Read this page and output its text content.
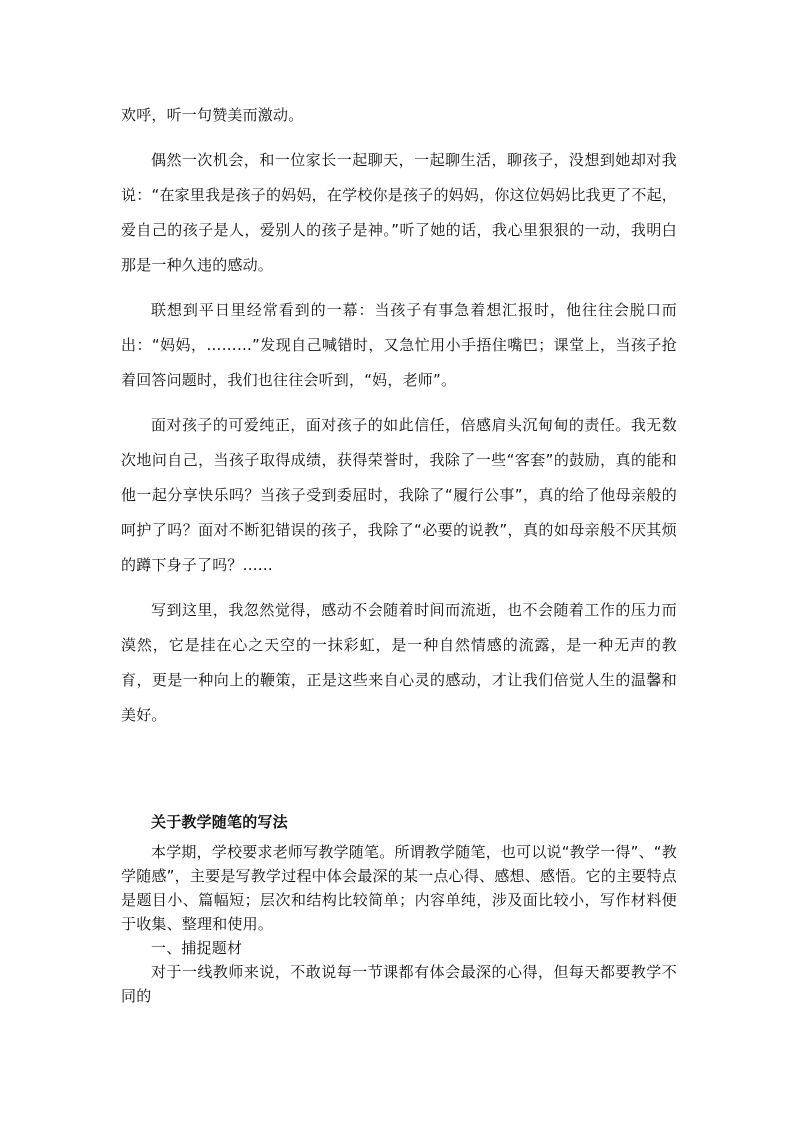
欢呼，听一句赞美而激动。

偶然一次机会，和一位家长一起聊天，一起聊生活，聊孩子，没想到她却对我说：“在家里我是孩子的妈妈，在学校你是孩子的妈妈，你这位妈妈比我更了不起，爱自己的孩子是人，爱别人的孩子是神。”听了她的话，我心里狠狠的一动，我明白那是一种久违的感动。

联想到平日里经常看到的一幕：当孩子有事急着想汇报时，他往往会脱口而出：“妈妈，………”发现自己喊错时，又急忙用小手捂住嘴巴；课堂上，当孩子抢着回答问题时，我们也往往会听到，“妈，老师”。

面对孩子的可爱纯正，面对孩子的如此信任，倍感肩头沉甸甸的责任。我无数次地问自己，当孩子取得成绩，获得荣誉时，我除了一些“客套”的鼓励，真的能和他一起分享快乐吗？当孩子受到委屈时，我除了“履行公事”，真的给了他母亲般的呵护了吗？面对不断犯错误的孩子，我除了“必要的说教”，真的如母亲般不厌其烦的蹲下身子了吗？……

写到这里，我忽然觉得，感动不会随着时间而流逝，也不会随着工作的压力而漠然，它是挂在心之天空的一抹彩虹，是一种自然情感的流露，是一种无声的教育，更是一种向上的鞭策，正是这些来自心灵的感动，才让我们倍觉人生的温馨和美好。

关于教学随笔的写法

本学期，学校要求老师写教学随笔。所谓教学随笔，也可以说“教学一得”、“教学随感”，主要是写教学过程中体会最深的某一点心得、感想、感悟。它的主要特点是题目小、篇幅短；层次和结构比较简单；内容单纯，涉及面比较小，写作材料便于收集、整理和使用。

一、捕捉题材

对于一线教师来说，不敢说每一节课都有体会最深的心得，但每天都要教学不同的
